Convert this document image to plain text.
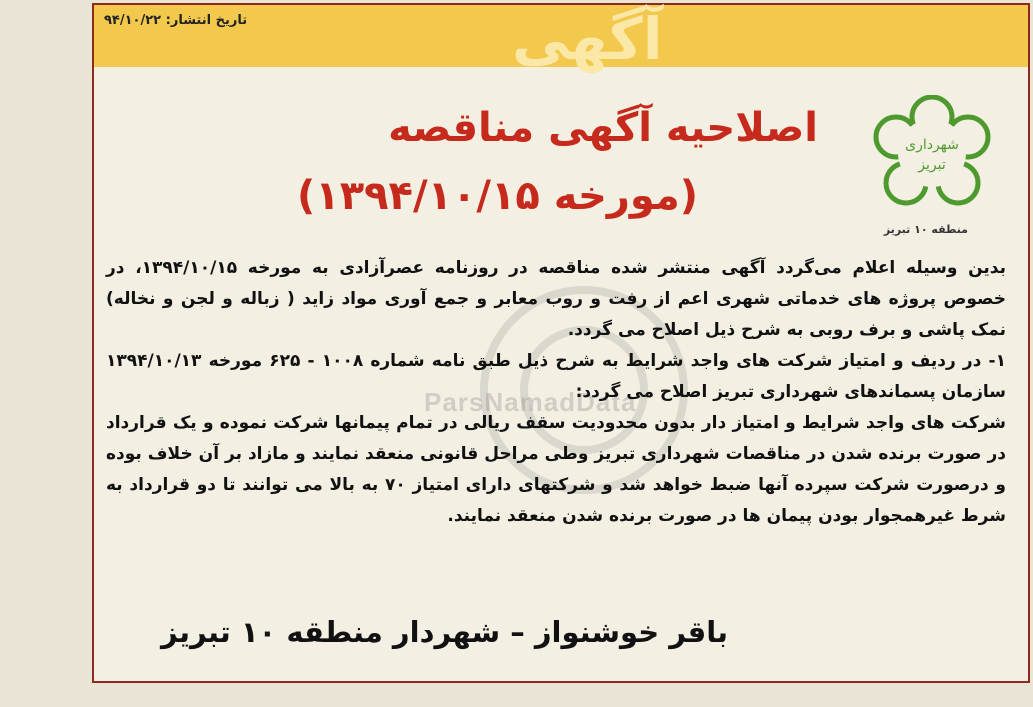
تاریخ انتشار: ۹۴/۱۰/۲۲	آگهی
شهرداری
تبریز
منطقه ۱۰ تبریز
اصلاحیه آگهی مناقصه
(مورخه ۱۳۹۴/۱۰/۱۵)
ParsNamadData

بدین وسیله اعلام می‌گردد آگهی منتشر شده مناقصه در روزنامه عصرآزادی به مورخه ۱۳۹۴/۱۰/۱۵، در خصوص پروژه های خدماتی شهری اعم از رفت و روب معابر و جمع آوری مواد زاید ( زباله و لجن و نخاله) نمک پاشی و برف روبی به شرح ذیل اصلاح می گردد.

۱- در ردیف و امتیاز شرکت های واجد شرایط به شرح ذیل طبق نامه شماره ۱۰۰۸ - ۶۲۵ مورخه ۱۳۹۴/۱۰/۱۳ سازمان پسماندهای شهرداری تبریز اصلاح می گردد:

شرکت های واجد شرایط و امتیاز دار بدون محدودیت سقف ریالی در تمام پیمانها شرکت نموده و یک قرارداد در صورت برنده شدن در مناقصات شهرداری تبریز وطی مراحل قانونی منعقد نمایند و مازاد بر آن خلاف بوده و درصورت شرکت سپرده آنها ضبط خواهد شد و شرکتهای دارای امتیاز ۷۰ به بالا می توانند تا دو قرارداد به شرط غیرهمجوار بودن پیمان ها در صورت برنده شدن منعقد نمایند.

باقر خوشنواز – شهردار منطقه ۱۰ تبریز
